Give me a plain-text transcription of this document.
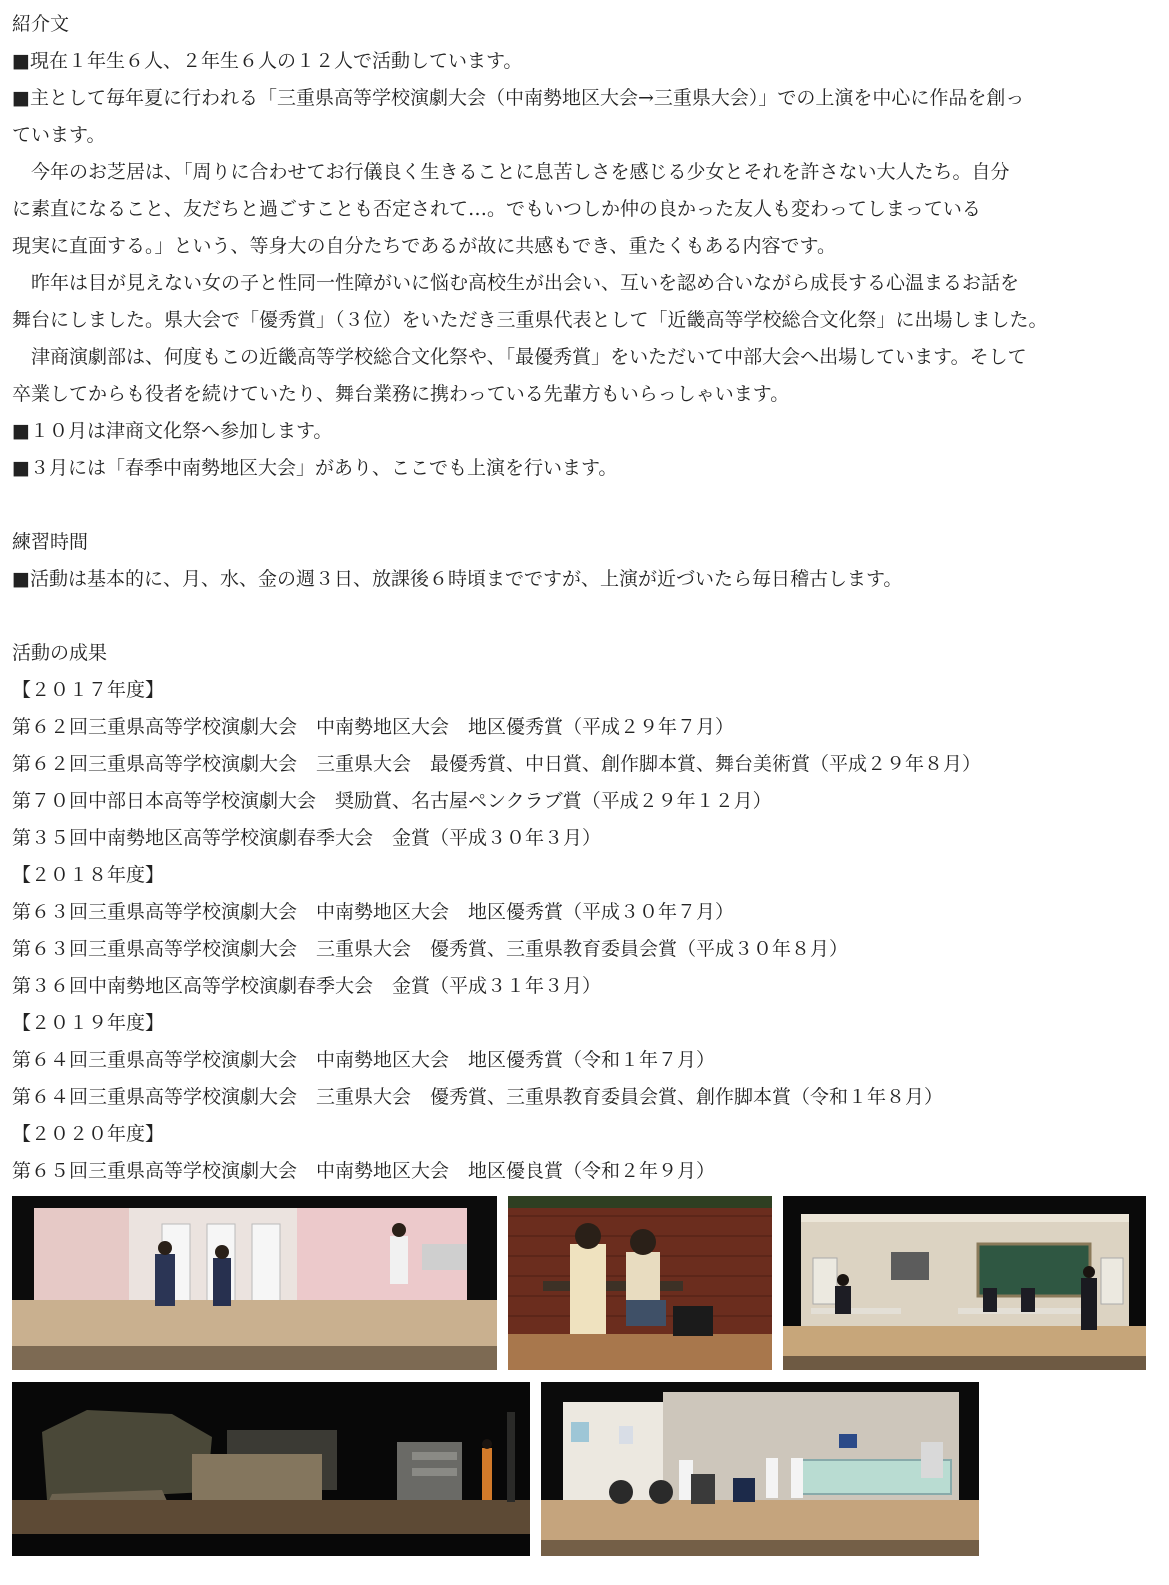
紹介文
■現在１年生６人、２年生６人の１２人で活動しています。
■主として毎年夏に行われる「三重県高等学校演劇大会（中南勢地区大会→三重県大会）」での上演を中心に作品を創っ
ています。
　今年のお芝居は、「周りに合わせてお行儀良く生きることに息苦しさを感じる少女とそれを許さない大人たち。自分
に素直になること、友だちと過ごすことも否定されて…。でもいつしか仲の良かった友人も変わってしまっている
現実に直面する。」という、等身大の自分たちであるが故に共感もでき、重たくもある内容です。
　昨年は目が見えない女の子と性同一性障がいに悩む高校生が出会い、互いを認め合いながら成長する心温まるお話を
舞台にしました。県大会で「優秀賞」（３位）をいただき三重県代表として「近畿高等学校総合文化祭」に出場しました。
　津商演劇部は、何度もこの近畿高等学校総合文化祭や、「最優秀賞」をいただいて中部大会へ出場しています。そして
卒業してからも役者を続けていたり、舞台業務に携わっている先輩方もいらっしゃいます。
■１０月は津商文化祭へ参加します。
■３月には「春季中南勢地区大会」があり、ここでも上演を行います。
練習時間
■活動は基本的に、月、水、金の週３日、放課後６時頃までですが、上演が近づいたら毎日稽古します。
活動の成果
【２０１７年度】
第６２回三重県高等学校演劇大会　中南勢地区大会　地区優秀賞（平成２９年７月）
第６２回三重県高等学校演劇大会　三重県大会　最優秀賞、中日賞、創作脚本賞、舞台美術賞（平成２９年８月）
第７０回中部日本高等学校演劇大会　奨励賞、名古屋ペンクラブ賞（平成２９年１２月）
第３５回中南勢地区高等学校演劇春季大会　金賞（平成３０年３月）
【２０１８年度】
第６３回三重県高等学校演劇大会　中南勢地区大会　地区優秀賞（平成３０年７月）
第６３回三重県高等学校演劇大会　三重県大会　優秀賞、三重県教育委員会賞（平成３０年８月）
第３６回中南勢地区高等学校演劇春季大会　金賞（平成３１年３月）
【２０１９年度】
第６４回三重県高等学校演劇大会　中南勢地区大会　地区優秀賞（令和１年７月）
第６４回三重県高等学校演劇大会　三重県大会　優秀賞、三重県教育委員会賞、創作脚本賞（令和１年８月）
【２０２０年度】
第６５回三重県高等学校演劇大会　中南勢地区大会　地区優良賞（令和２年９月）
